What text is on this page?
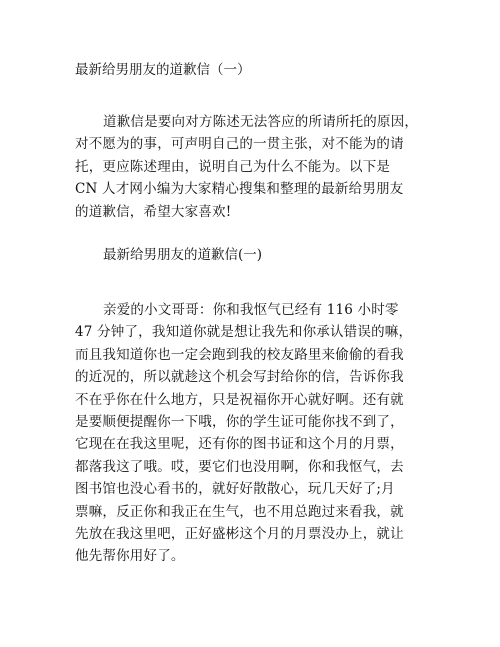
最新给男朋友的道歉信（一）
道歉信是要向对方陈述无法答应的所请所托的原因，
对不愿为的事，可声明自己的一贯主张，对不能为的请
托，更应陈述理由，说明自己为什么不能为。以下是
CN 人才网小编为大家精心搜集和整理的最新给男朋友
的道歉信，希望大家喜欢!
最新给男朋友的道歉信(一)
亲爱的小文哥哥：你和我怄气已经有 116 小时零
47 分钟了，我知道你就是想让我先和你承认错误的嘛，
而且我知道你也一定会跑到我的校友路里来偷偷的看我
的近况的，所以就趁这个机会写封给你的信，告诉你我
不在乎你在什么地方，只是祝福你开心就好啊。还有就
是要顺便提醒你一下哦，你的学生证可能你找不到了，
它现在在我这里呢，还有你的图书证和这个月的月票，
都落我这了哦。哎，要它们也没用啊，你和我怄气，去
图书馆也没心看书的，就好好散散心，玩几天好了;月
票嘛，反正你和我正在生气，也不用总跑过来看我，就
先放在我这里吧，正好盛彬这个月的月票没办上，就让
他先帮你用好了。
